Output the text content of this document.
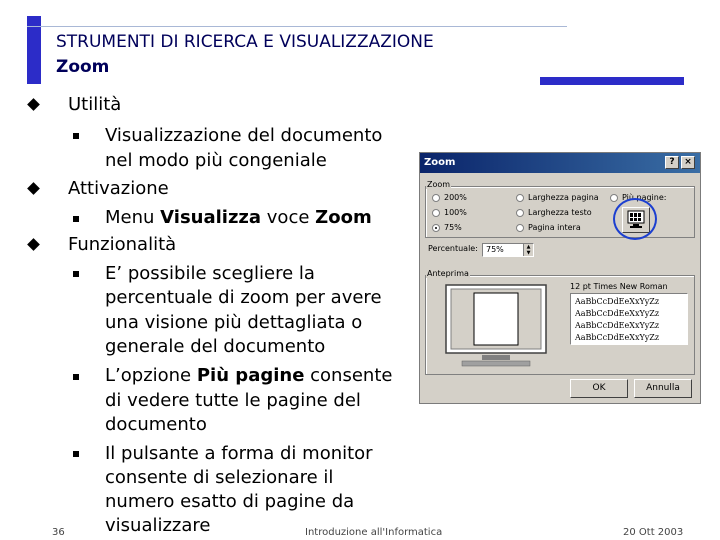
STRUMENTI DI RICERCA E VISUALIZZAZIONE
Zoom
Utilità
Visualizzazione del documento
nel modo più congeniale
Attivazione
Menu Visualizza voce Zoom
Funzionalità
E’ possibile scegliere la
percentuale di zoom per avere
una visione più dettagliata o
generale del documento
L’opzione Più pagine consente
di vedere tutte le pagine del
documento
Il pulsante a forma di monitor
consente di selezionare il
numero esatto di pagine da
visualizzare
36	Introduzione all'Informatica	20 Ott 2003
Zoom	?	×
Zoom
200%
100%
75%
Larghezza pagina
Larghezza testo
Pagina intera
Più pagine:
Percentuale: 75%	▲
▼
Anteprima
12 pt Times New Roman
AaBbCcDdEeXxYyZz
AaBbCcDdEeXxYyZz
AaBbCcDdEeXxYyZz
AaBbCcDdEeXxYyZz
OK	Annulla
